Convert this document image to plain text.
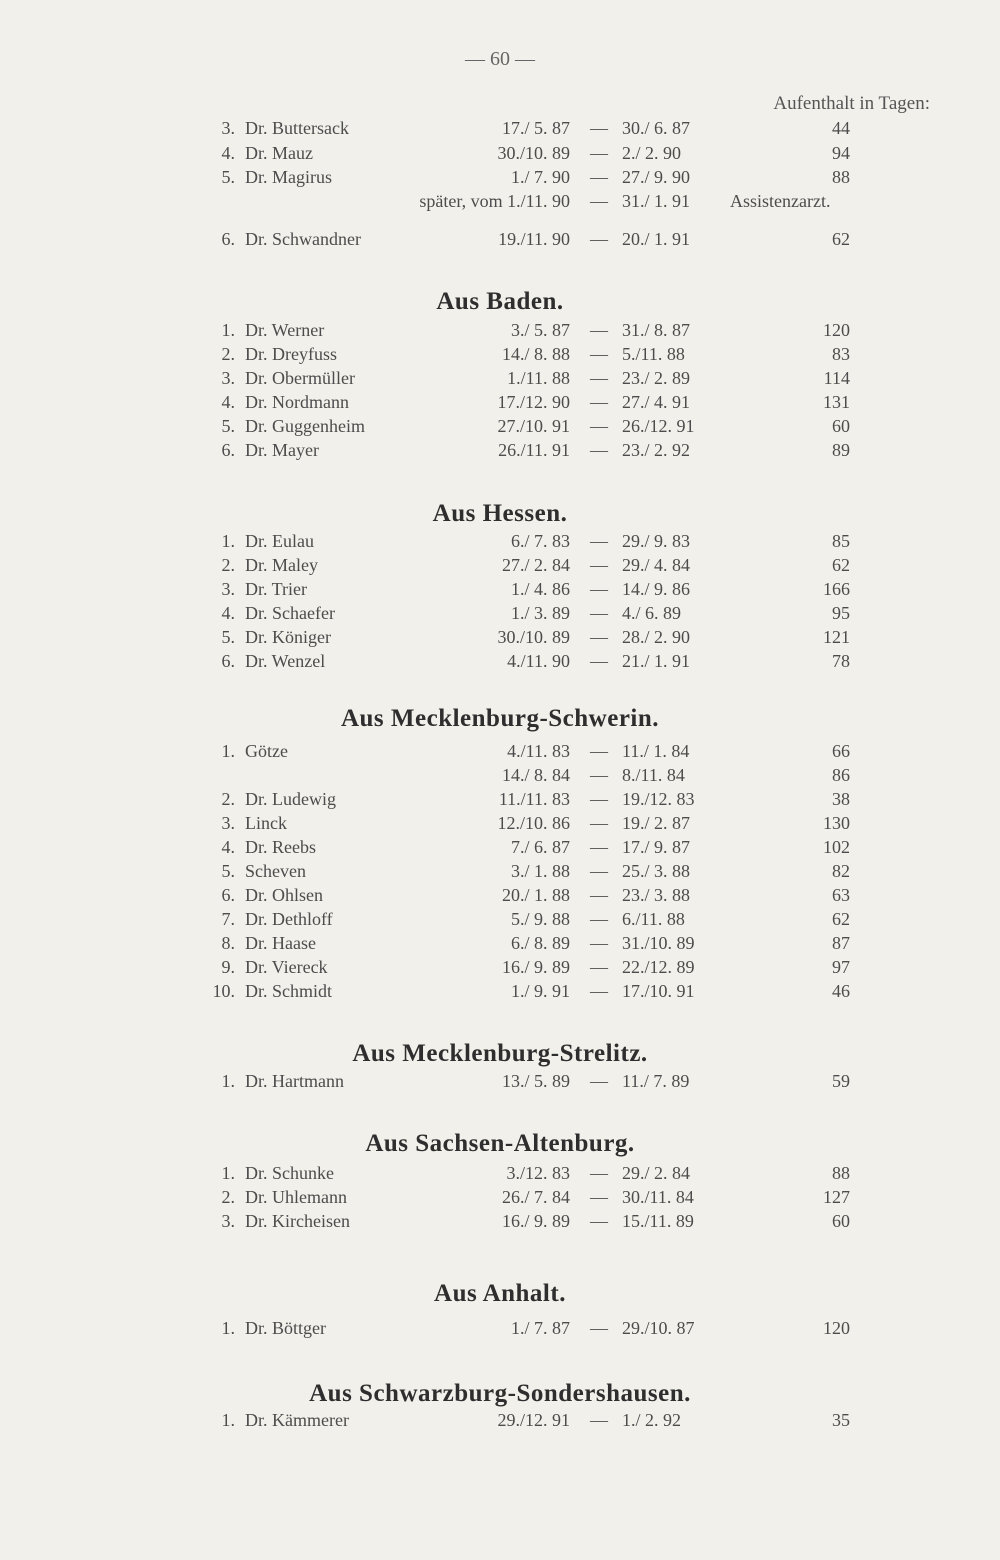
— 60 —
Aufenthalt in Tagen:
3. Dr. Buttersack	17./ 5. 87 — 30./ 6. 87	44
4. Dr. Mauz	30./10. 89 — 2./ 2. 90	94
5. Dr. Magirus	1./ 7. 90 — 27./ 9. 90	88
später, vom 1./11. 90 — 31./ 1. 91 Assistenzarzt.
6. Dr. Schwandner	19./11. 90 — 20./ 1. 91	62
Aus Baden.
1. Dr. Werner	3./ 5. 87 — 31./ 8. 87	120
2. Dr. Dreyfuss	14./ 8. 88 — 5./11. 88	83
3. Dr. Obermüller	1./11. 88 — 23./ 2. 89	114
4. Dr. Nordmann	17./12. 90 — 27./ 4. 91	131
5. Dr. Guggenheim	27./10. 91 — 26./12. 91	60
6. Dr. Mayer	26./11. 91 — 23./ 2. 92	89
Aus Hessen.
1. Dr. Eulau	6./ 7. 83 — 29./ 9. 83	85
2. Dr. Maley	27./ 2. 84 — 29./ 4. 84	62
3. Dr. Trier	1./ 4. 86 — 14./ 9. 86	166
4. Dr. Schaefer	1./ 3. 89 — 4./ 6. 89	95
5. Dr. Königer	30./10. 89 — 28./ 2. 90	121
6. Dr. Wenzel	4./11. 90 — 21./ 1. 91	78
Aus Mecklenburg-Schwerin.
1. Götze	4./11. 83 — 11./ 1. 84	66
14./ 8. 84 — 8./11. 84	86
2. Dr. Ludewig	11./11. 83 — 19./12. 83	38
3. Linck	12./10. 86 — 19./ 2. 87	130
4. Dr. Reebs	7./ 6. 87 — 17./ 9. 87	102
5. Scheven	3./ 1. 88 — 25./ 3. 88	82
6. Dr. Ohlsen	20./ 1. 88 — 23./ 3. 88	63
7. Dr. Dethloff	5./ 9. 88 — 6./11. 88	62
8. Dr. Haase	6./ 8. 89 — 31./10. 89	87
9. Dr. Viereck	16./ 9. 89 — 22./12. 89	97
10. Dr. Schmidt	1./ 9. 91 — 17./10. 91	46
Aus Mecklenburg-Strelitz.
1. Dr. Hartmann	13./ 5. 89 — 11./ 7. 89	59
Aus Sachsen-Altenburg.
1. Dr. Schunke	3./12. 83 — 29./ 2. 84	88
2. Dr. Uhlemann	26./ 7. 84 — 30./11. 84	127
3. Dr. Kircheisen	16./ 9. 89 — 15./11. 89	60
Aus Anhalt.
1. Dr. Böttger	1./ 7. 87 — 29./10. 87	120
Aus Schwarzburg-Sondershausen.
1. Dr. Kämmerer	29./12. 91 — 1./ 2. 92	35
